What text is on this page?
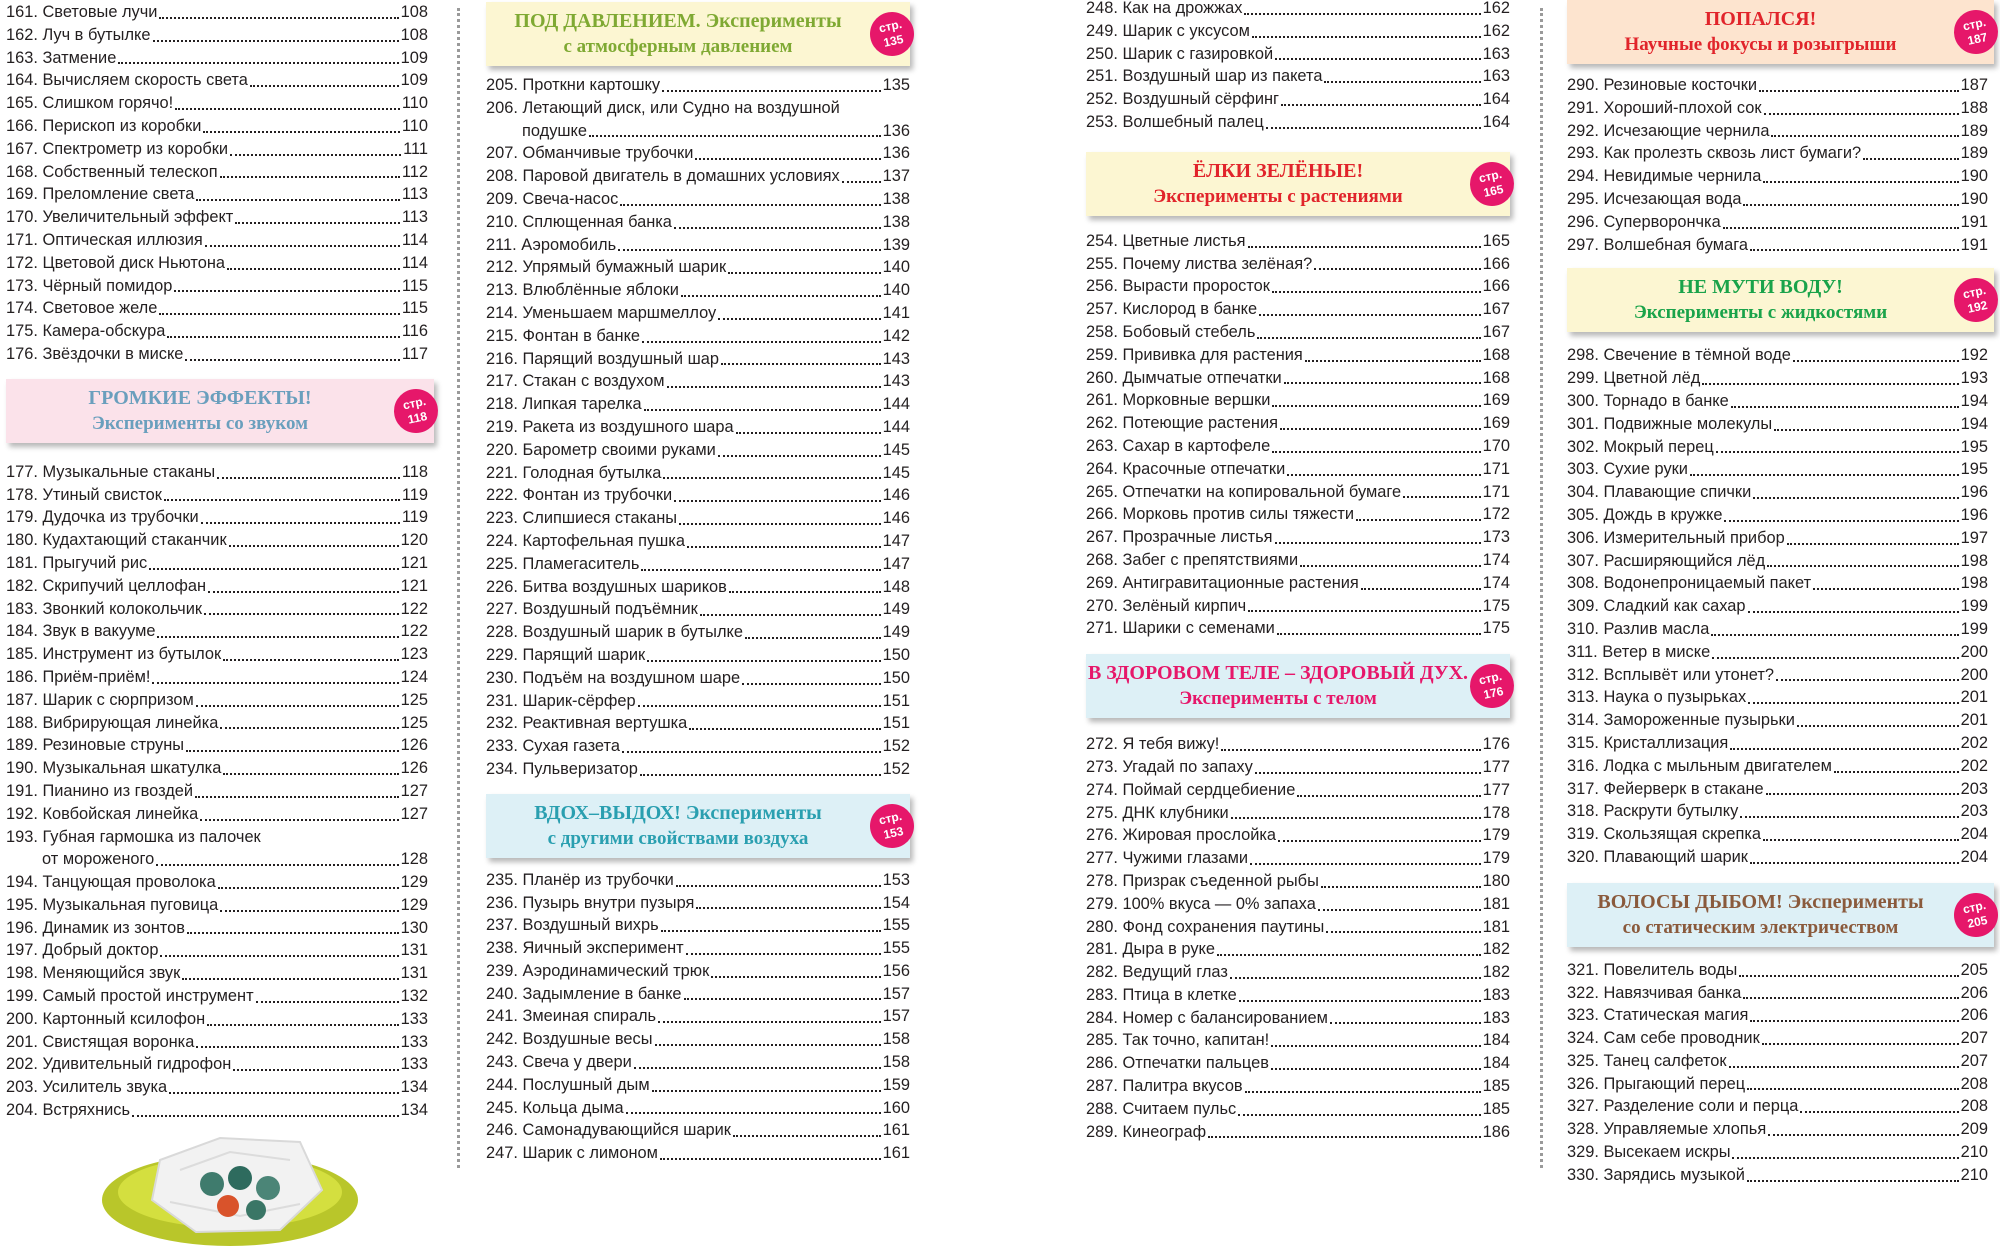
161. Световые лучи	108
162. Луч в бутылке	108
163. Затмение	109
164. Вычисляем скорость света	109
165. Слишком горячо!	110
166. Перископ из коробки	110
167. Спектрометр из коробки	111
168. Собственный телескоп	112
169. Преломление света	113
170. Увеличительный эффект	113
171. Оптическая иллюзия	114
172. Цветовой диск Ньютона	114
173. Чёрный помидор	115
174. Световое желе	115
175. Камера-обскура	116
176. Звёздочки в миске	117
ГРОМКИЕ ЭФФЕКТЫ!
Эксперименты со звуком
стр.
118
177. Музыкальные стаканы	118
178. Утиный свисток	119
179. Дудочка из трубочки	119
180. Кудахтающий стаканчик	120
181. Прыгучий рис	121
182. Скрипучий целлофан	121
183. Звонкий колокольчик	122
184. Звук в вакууме	122
185. Инструмент из бутылок	123
186. Приём-приём!	124
187. Шарик с сюрпризом	125
188. Вибрирующая линейка	125
189. Резиновые струны	126
190. Музыкальная шкатулка	126
191. Пианино из гвоздей	127
192. Ковбойская линейка	127
193. Губная гармошка из палочек
от мороженого	128
194. Танцующая проволока	129
195. Музыкальная пуговица	129
196. Динамик из зонтов	130
197. Добрый доктор	131
198. Меняющийся звук	131
199. Самый простой инструмент	132
200. Картонный ксилофон	133
201. Свистящая воронка	133
202. Удивительный гидрофон	133
203. Усилитель звука	134
204. Встряхнись	134
ПОД ДАВЛЕНИЕМ. Эксперименты
с атмосферным давлением
стр.
135
205. Проткни картошку	135
206. Летающий диск, или Судно на воздушной
подушке	136
207. Обманчивые трубочки	136
208. Паровой двигатель в домашних условиях	137
209. Свеча-насос	138
210. Сплющенная банка	138
211. Аэромобиль	139
212. Упрямый бумажный шарик	140
213. Влюблённые яблоки	140
214. Уменьшаем маршмеллоу	141
215. Фонтан в банке	142
216. Парящий воздушный шар	143
217. Стакан с воздухом	143
218. Липкая тарелка	144
219. Ракета из воздушного шара	144
220. Барометр своими руками	145
221. Голодная бутылка	145
222. Фонтан из трубочки	146
223. Слипшиеся стаканы	146
224. Картофельная пушка	147
225. Пламегаситель	147
226. Битва воздушных шариков	148
227. Воздушный подъёмник	149
228. Воздушный шарик в бутылке	149
229. Парящий шарик	150
230. Подъём на воздушном шаре	150
231. Шарик-сёрфер	151
232. Реактивная вертушка	151
233. Сухая газета	152
234. Пульверизатор	152
ВДОХ–ВЫДОХ! Эксперименты
с другими свойствами воздуха
стр.
153
235. Планёр из трубочки	153
236. Пузырь внутри пузыря	154
237. Воздушный вихрь	155
238. Яичный эксперимент	155
239. Аэродинамический трюк	156
240. Задымление в банке	157
241. Змеиная спираль	157
242. Воздушные весы	158
243. Свеча у двери	158
244. Послушный дым	159
245. Кольца дыма	160
246. Самонадувающийся шарик	161
247. Шарик с лимоном	161
248. Как на дрожжах	162
249. Шарик с уксусом	162
250. Шарик с газировкой	163
251. Воздушный шар из пакета	163
252. Воздушный сёрфинг	164
253. Волшебный палец	164
ЁЛКИ ЗЕЛЁНЫЕ!
Эксперименты с растениями
стр.
165
254. Цветные листья	165
255. Почему листва зелёная?	166
256. Вырасти проросток	166
257. Кислород в банке	167
258. Бобовый стебель	167
259. Прививка для растения	168
260. Дымчатые отпечатки	168
261. Морковные вершки	169
262. Потеющие растения	169
263. Сахар в картофеле	170
264. Красочные отпечатки	171
265. Отпечатки на копировальной бумаге	171
266. Морковь против силы тяжести	172
267. Прозрачные листья	173
268. Забег с препятствиями	174
269. Антигравитационные растения	174
270. Зелёный кирпич	175
271. Шарики с семенами	175
В ЗДОРОВОМ ТЕЛЕ – ЗДОРОВЫЙ ДУХ.
Эксперименты с телом
стр.
176
272. Я тебя вижу!	176
273. Угадай по запаху	177
274. Поймай сердцебиение	177
275. ДНК клубники	178
276. Жировая прослойка	179
277. Чужими глазами	179
278. Призрак съеденной рыбы	180
279. 100% вкуса — 0% запаха	181
280. Фонд сохранения паутины	181
281. Дыра в руке	182
282. Ведущий глаз	182
283. Птица в клетке	183
284. Номер с балансированием	183
285. Так точно, капитан!	184
286. Отпечатки пальцев	184
287. Палитра вкусов	185
288. Считаем пульс	185
289. Кинеограф	186
ПОПАЛСЯ!
Научные фокусы и розыгрыши
стр.
187
290. Резиновые косточки	187
291. Хороший-плохой сок	188
292. Исчезающие чернила	189
293. Как пролезть сквозь лист бумаги?	189
294. Невидимые чернила	190
295. Исчезающая вода	190
296. Суперворончка	191
297. Волшебная бумага	191
НЕ МУТИ ВОДУ!
Эксперименты с жидкостями
стр.
192
298. Свечение в тёмной воде	192
299. Цветной лёд	193
300. Торнадо в банке	194
301. Подвижные молекулы	194
302. Мокрый перец	195
303. Сухие руки	195
304. Плавающие спички	196
305. Дождь в кружке	196
306. Измерительный прибор	197
307. Расширяющийся лёд	198
308. Водонепроницаемый пакет	198
309. Сладкий как сахар	199
310. Разлив масла	199
311. Ветер в миске	200
312. Всплывёт или утонет?	200
313. Наука о пузырьках	201
314. Замороженные пузырьки	201
315. Кристаллизация	202
316. Лодка с мыльным двигателем	202
317. Фейерверк в стакане	203
318. Раскрути бутылку	203
319. Скользящая скрепка	204
320. Плавающий шарик	204
ВОЛОСЫ ДЫБОМ! Эксперименты
со статическим электричеством
стр.
205
321. Повелитель воды	205
322. Навязчивая банка	206
323. Статическая магия	206
324. Сам себе проводник	207
325. Танец салфеток	207
326. Прыгающий перец	208
327. Разделение соли и перца	208
328. Управляемые хлопья	209
329. Высекаем искры	210
330. Зарядись музыкой	210
